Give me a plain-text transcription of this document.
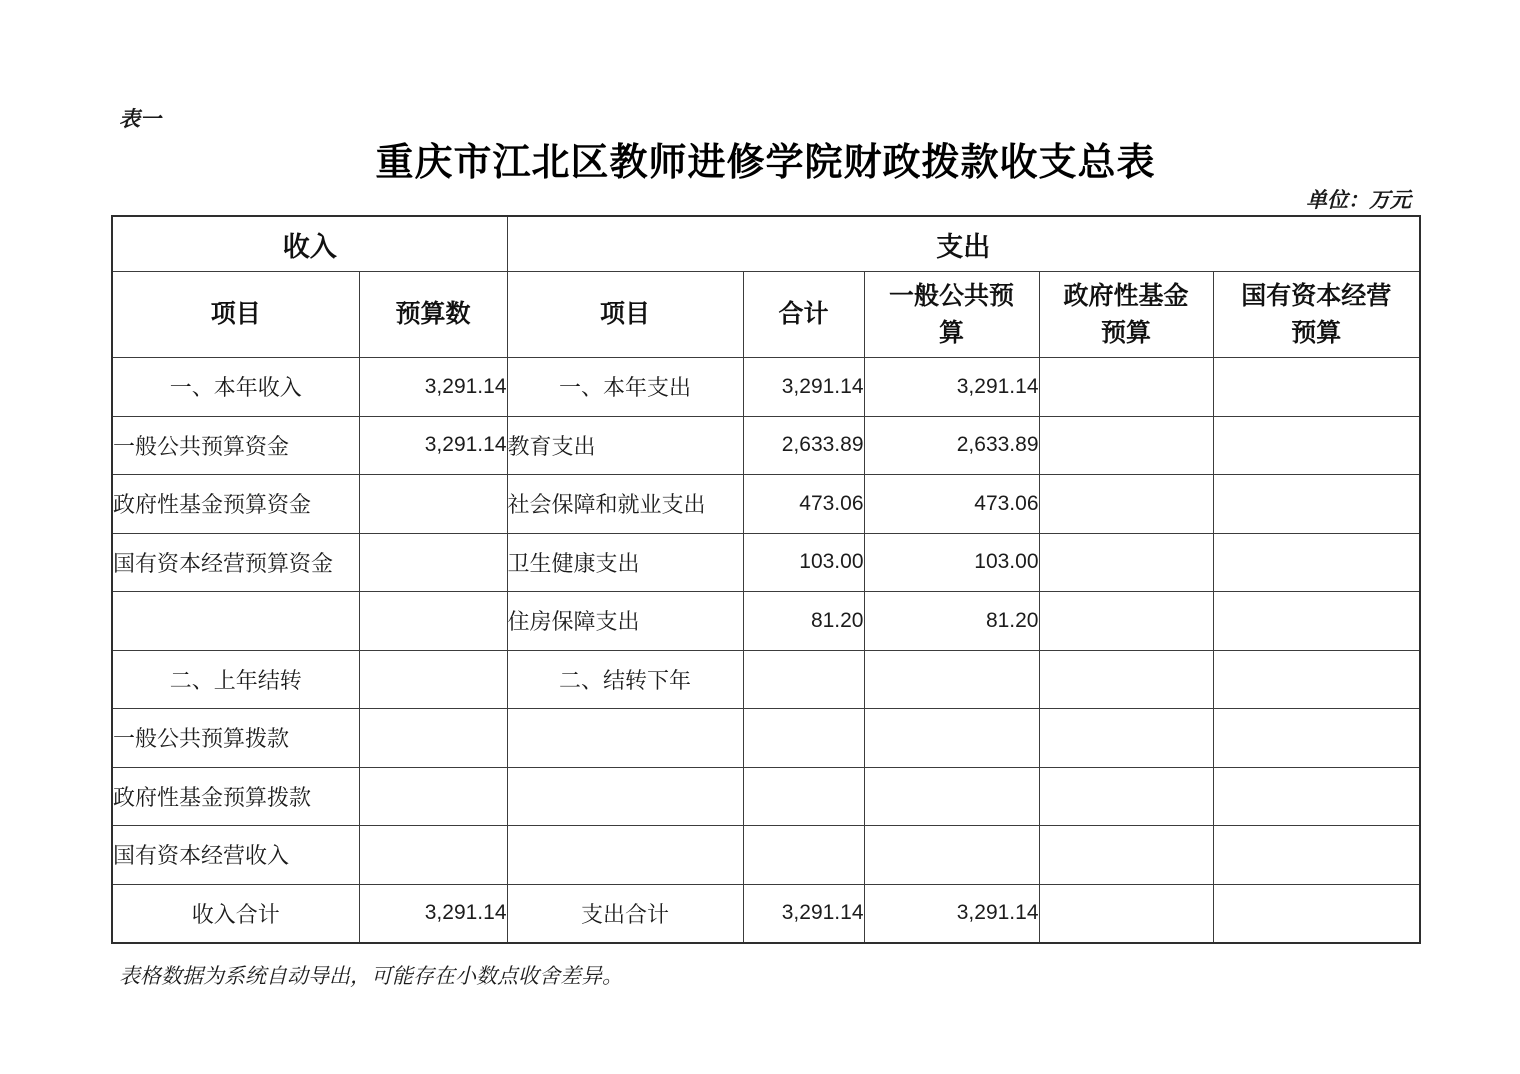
表一
重庆市江北区教师进修学院财政拨款收支总表
单位：万元
收入		支出				
项目	预算数	项目	合计	一般公共预算	政府性基金 预算	国有资本经营 预算
一、本年收入	3,291.14	一、本年支出	3,291.14	3,291.14		
一般公共预算资金	3,291.14	教育支出	2,633.89	2,633.89		
政府性基金预算资金		社会保障和就业支出	473.06	473.06		
国有资本经营预算资金		卫生健康支出	103.00	103.00		
		住房保障支出	81.20	81.20		
二、上年结转		二、结转下年				
一般公共预算拨款						
政府性基金预算拨款						
国有资本经营收入						
收入合计	3,291.14	支出合计	3,291.14	3,291.14		
表格数据为系统自动导出，可能存在小数点收舍差异。
